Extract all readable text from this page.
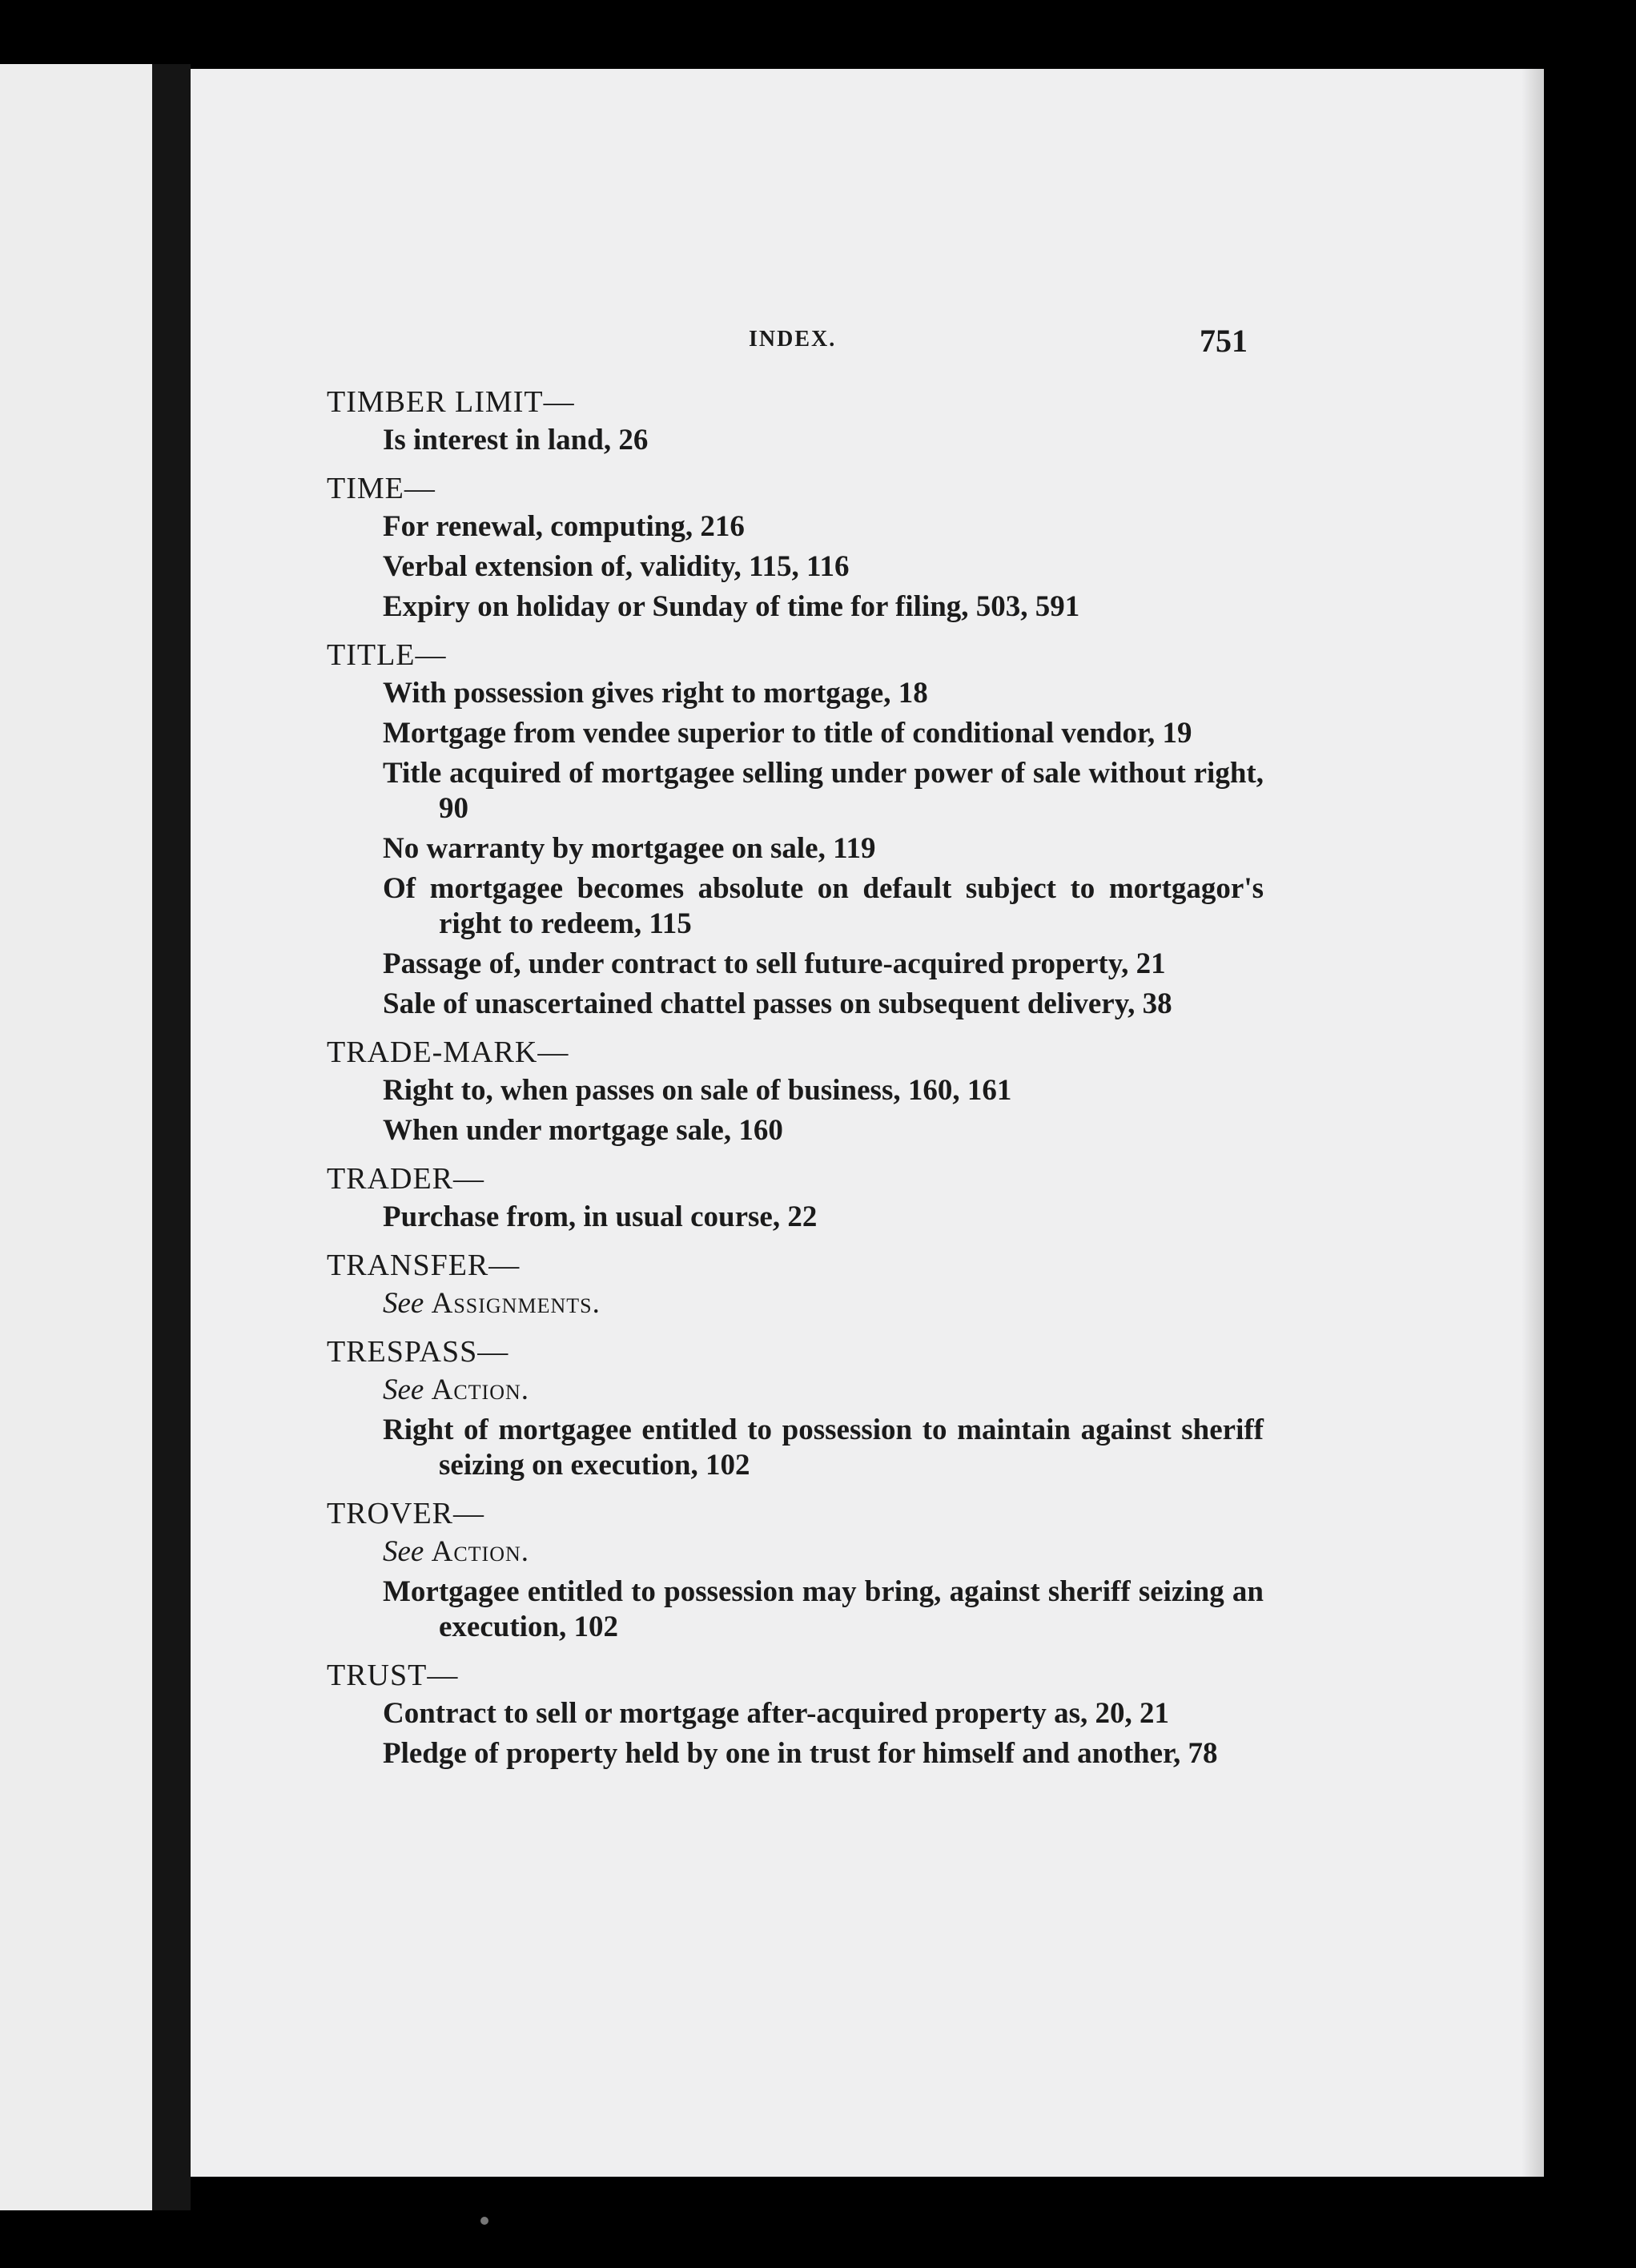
INDEX.	751
TIMBER LIMIT—
Is interest in land, 26
TIME—
For renewal, computing, 216
Verbal extension of, validity, 115, 116
Expiry on holiday or Sunday of time for filing, 503, 591
TITLE—
With possession gives right to mortgage, 18
Mortgage from vendee superior to title of conditional vendor, 19
Title acquired of mortgagee selling under power of sale without right, 90
No warranty by mortgagee on sale, 119
Of mortgagee becomes absolute on default subject to mortgagor's right to redeem, 115
Passage of, under contract to sell future-acquired property, 21
Sale of unascertained chattel passes on subsequent delivery, 38
TRADE-MARK—
Right to, when passes on sale of business, 160, 161
When under mortgage sale, 160
TRADER—
Purchase from, in usual course, 22
TRANSFER—
See Assignments.
TRESPASS—
See Action.
Right of mortgagee entitled to possession to maintain against sheriff seizing on execution, 102
TROVER—
See Action.
Mortgagee entitled to possession may bring, against sheriff seizing an execution, 102
TRUST—
Contract to sell or mortgage after-acquired property as, 20, 21
Pledge of property held by one in trust for himself and another, 78
